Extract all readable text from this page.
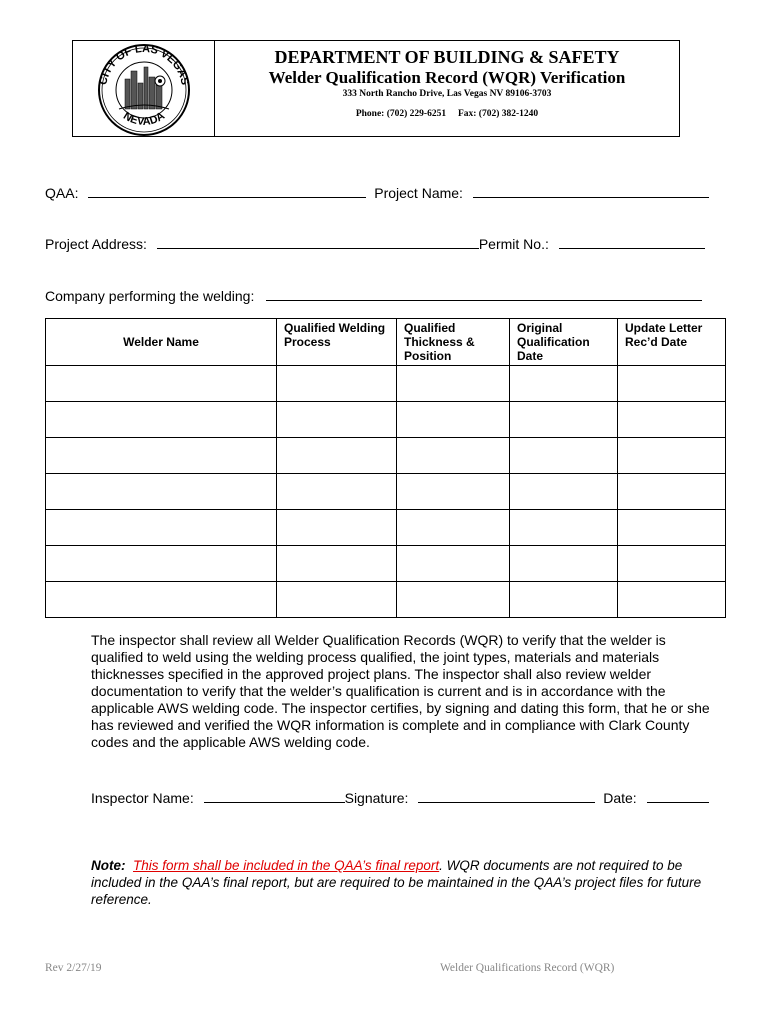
CITY OF LAS VEGAS
NEVADA
DEPARTMENT OF BUILDING & SAFETY
Welder Qualification Record (WQR) Verification
333 North Rancho Drive, Las Vegas NV 89106-3703
Phone: (702) 229-6251     Fax: (702) 382-1240
QAA:	Project Name:
Project Address:	Permit No.:
Company performing the welding:
Welder Name	Qualified Welding Process	Qualified Thickness & Position	Original Qualification Date	Update Letter Rec’d Date

The inspector shall review all Welder Qualification Records (WQR) to verify that the welder is qualified to weld using the welding process qualified, the joint types, materials and materials thicknesses specified in the approved project plans. The inspector shall also review welder documentation to verify that the welder’s qualification is current and is in accordance with the applicable AWS welding code. The inspector certifies, by signing and dating this form, that he or she has reviewed and verified the WQR information is complete and in compliance with Clark County codes and the applicable AWS welding code.
Inspector Name:	Signature:	Date:
Note: This form shall be included in the QAA’s final report. WQR documents are not required to be included in the QAA’s final report, but are required to be maintained in the QAA’s project files for future reference.
Rev 2/27/19	Welder Qualifications Record (WQR)
